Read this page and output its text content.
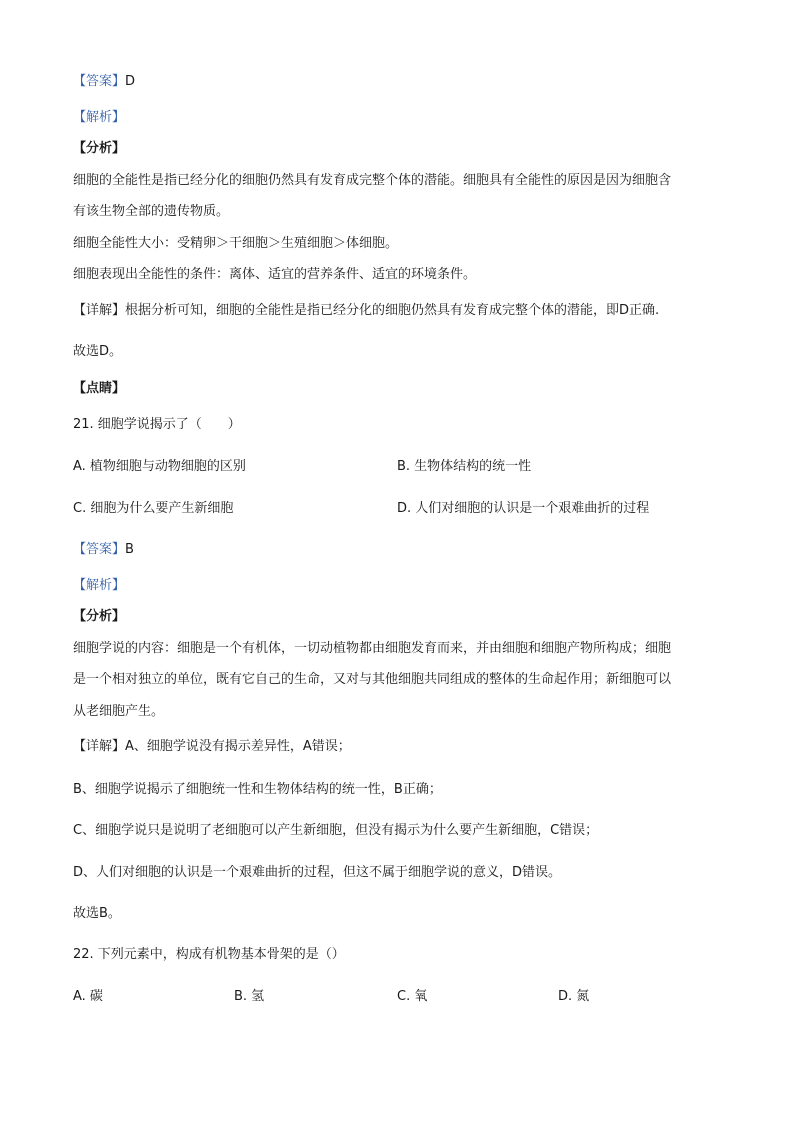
【答案】D
【解析】
【分析】
细胞的全能性是指已经分化的细胞仍然具有发育成完整个体的潜能。细胞具有全能性的原因是因为细胞含
有该生物全部的遗传物质。
细胞全能性大小：受精卵＞干细胞＞生殖细胞＞体细胞。
细胞表现出全能性的条件：离体、适宜的营养条件、适宜的环境条件。
【详解】根据分析可知，细胞的全能性是指已经分化的细胞仍然具有发育成完整个体的潜能，即D正确.
故选D。
【点睛】
21. 细胞学说揭示了（　　）
A. 植物细胞与动物细胞的区别	B. 生物体结构的统一性
C. 细胞为什么要产生新细胞	D. 人们对细胞的认识是一个艰难曲折的过程
【答案】B
【解析】
【分析】
细胞学说的内容：细胞是一个有机体，一切动植物都由细胞发育而来，并由细胞和细胞产物所构成；细胞
是一个相对独立的单位，既有它自己的生命，又对与其他细胞共同组成的整体的生命起作用；新细胞可以
从老细胞产生。
【详解】A、细胞学说没有揭示差异性，A错误；
B、细胞学说揭示了细胞统一性和生物体结构的统一性，B正确；
C、细胞学说只是说明了老细胞可以产生新细胞，但没有揭示为什么要产生新细胞，C错误；
D、人们对细胞的认识是一个艰难曲折的过程，但这不属于细胞学说的意义，D错误。
故选B。
22. 下列元素中，构成有机物基本骨架的是（）
A. 碳	B. 氢	C. 氧	D. 氮
